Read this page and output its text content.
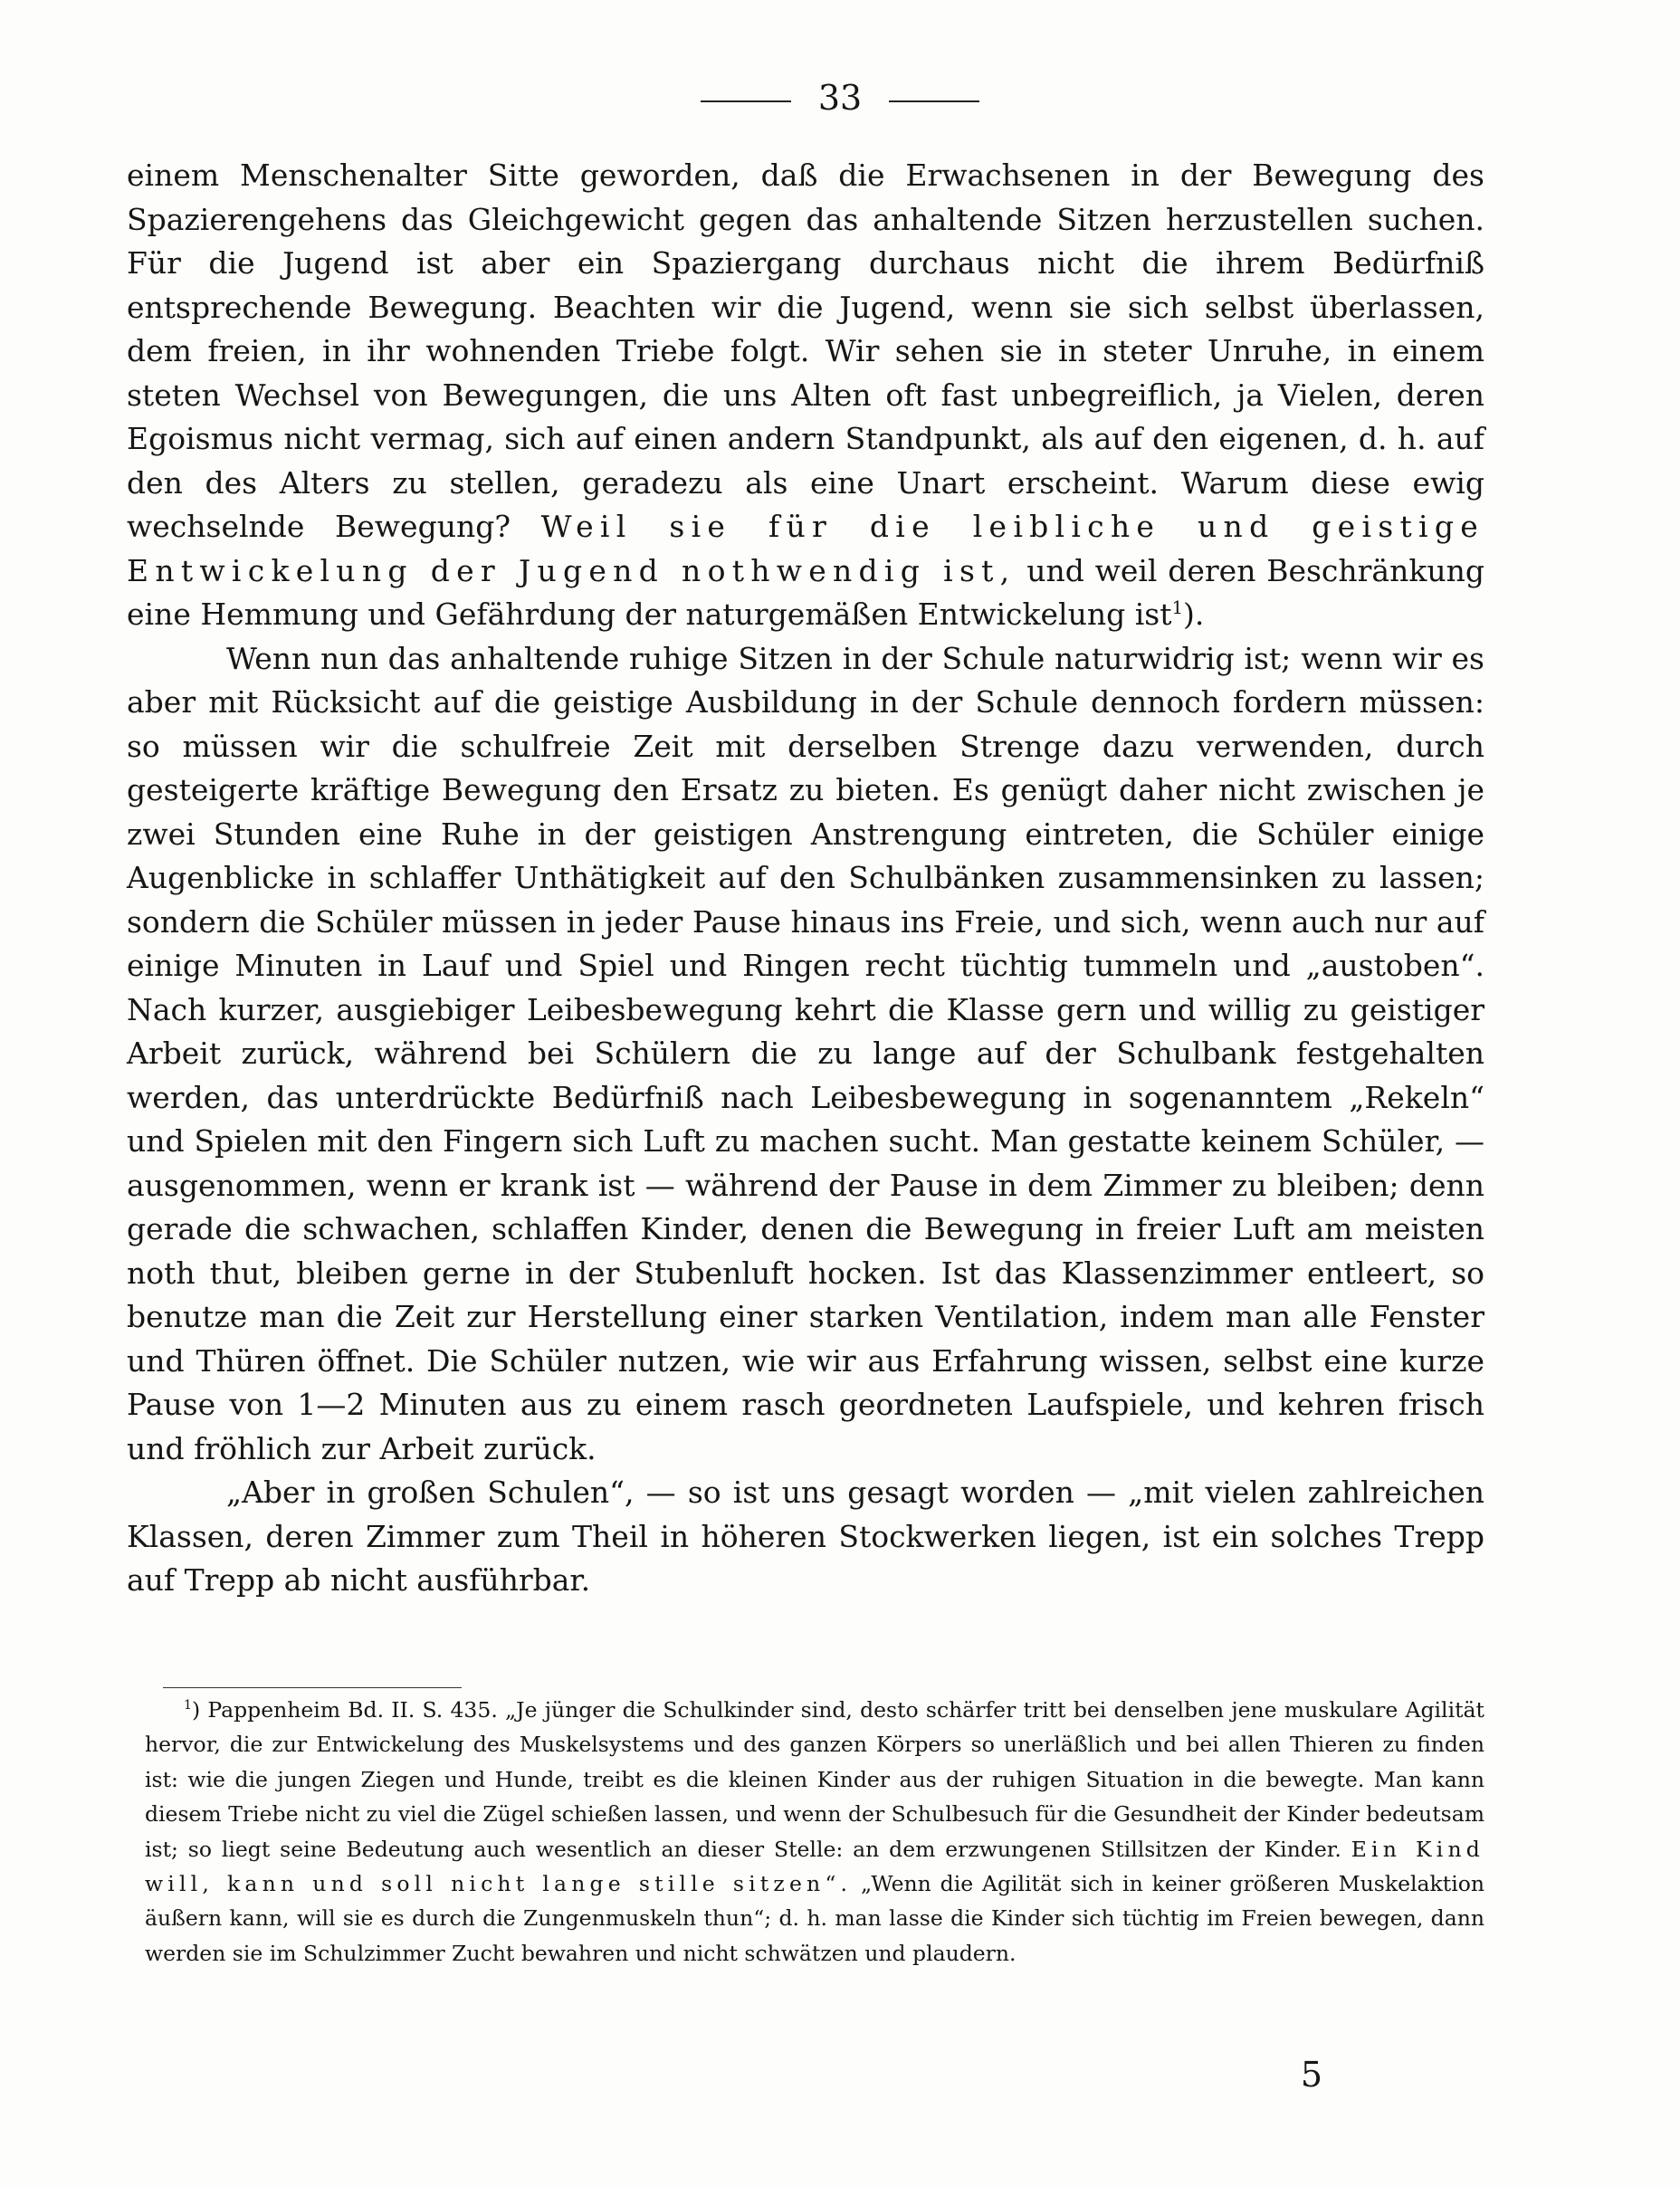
33

einem Menschenalter Sitte geworden, daß die Erwachsenen in der Bewegung des Spazierengehens das Gleichgewicht gegen das anhaltende Sitzen herzustellen suchen. Für die Jugend ist aber ein Spaziergang durchaus nicht die ihrem Bedürfniß entsprechende Bewegung. Beachten wir die Jugend, wenn sie sich selbst überlassen, dem freien, in ihr wohnenden Triebe folgt. Wir sehen sie in steter Unruhe, in einem steten Wechsel von Bewegungen, die uns Alten oft fast unbegreiflich, ja Vielen, deren Egoismus nicht vermag, sich auf einen andern Standpunkt, als auf den eigenen, d. h. auf den des Alters zu stellen, geradezu als eine Unart erscheint. Warum diese ewig wechselnde Bewegung? Weil sie für die leibliche und geistige Entwickelung der Jugend nothwendig ist, und weil deren Beschränkung eine Hemmung und Gefährdung der naturgemäßen Entwickelung ist$^1$).

Wenn nun das anhaltende ruhige Sitzen in der Schule naturwidrig ist; wenn wir es aber mit Rücksicht auf die geistige Ausbildung in der Schule dennoch fordern müssen: so müssen wir die schulfreie Zeit mit derselben Strenge dazu verwenden, durch gesteigerte kräftige Bewegung den Ersatz zu bieten. Es genügt daher nicht zwischen je zwei Stunden eine Ruhe in der geistigen Anstrengung eintreten, die Schüler einige Augenblicke in schlaffer Unthätigkeit auf den Schulbänken zusammensinken zu lassen; sondern die Schüler müssen in jeder Pause hinaus ins Freie, und sich, wenn auch nur auf einige Minuten in Lauf und Spiel und Ringen recht tüchtig tummeln und „austoben“. Nach kurzer, ausgiebiger Leibesbewegung kehrt die Klasse gern und willig zu geistiger Arbeit zurück, während bei Schülern die zu lange auf der Schulbank festgehalten werden, das unterdrückte Bedürfniß nach Leibesbewegung in sogenanntem „Rekeln“ und Spielen mit den Fingern sich Luft zu machen sucht. Man gestatte keinem Schüler, — ausgenommen, wenn er krank ist — während der Pause in dem Zimmer zu bleiben; denn gerade die schwachen, schlaffen Kinder, denen die Bewegung in freier Luft am meisten noth thut, bleiben gerne in der Stubenluft hocken. Ist das Klassenzimmer entleert, so benutze man die Zeit zur Herstellung einer starken Ventilation, indem man alle Fenster und Thüren öffnet. Die Schüler nutzen, wie wir aus Erfahrung wissen, selbst eine kurze Pause von 1—2 Minuten aus zu einem rasch geordneten Laufspiele, und kehren frisch und fröhlich zur Arbeit zurück.

„Aber in großen Schulen“, — so ist uns gesagt worden — „mit vielen zahlreichen Klassen, deren Zimmer zum Theil in höheren Stockwerken liegen, ist ein solches Trepp auf Trepp ab nicht ausführbar.

$^1$) Pappenheim Bd. II. S. 435. „Je jünger die Schulkinder sind, desto schärfer tritt bei denselben jene muskulare Agilität hervor, die zur Entwickelung des Muskelsystems und des ganzen Körpers so unerläßlich und bei allen Thieren zu finden ist: wie die jungen Ziegen und Hunde, treibt es die kleinen Kinder aus der ruhigen Situation in die bewegte. Man kann diesem Triebe nicht zu viel die Zügel schießen lassen, und wenn der Schulbesuch für die Gesundheit der Kinder bedeutsam ist; so liegt seine Bedeutung auch wesentlich an dieser Stelle: an dem erzwungenen Stillsitzen der Kinder. Ein Kind will, kann und soll nicht lange stille sitzen“. „Wenn die Agilität sich in keiner größeren Muskelaktion äußern kann, will sie es durch die Zungenmuskeln thun“; d. h. man lasse die Kinder sich tüchtig im Freien bewegen, dann werden sie im Schulzimmer Zucht bewahren und nicht schwätzen und plaudern.

5
